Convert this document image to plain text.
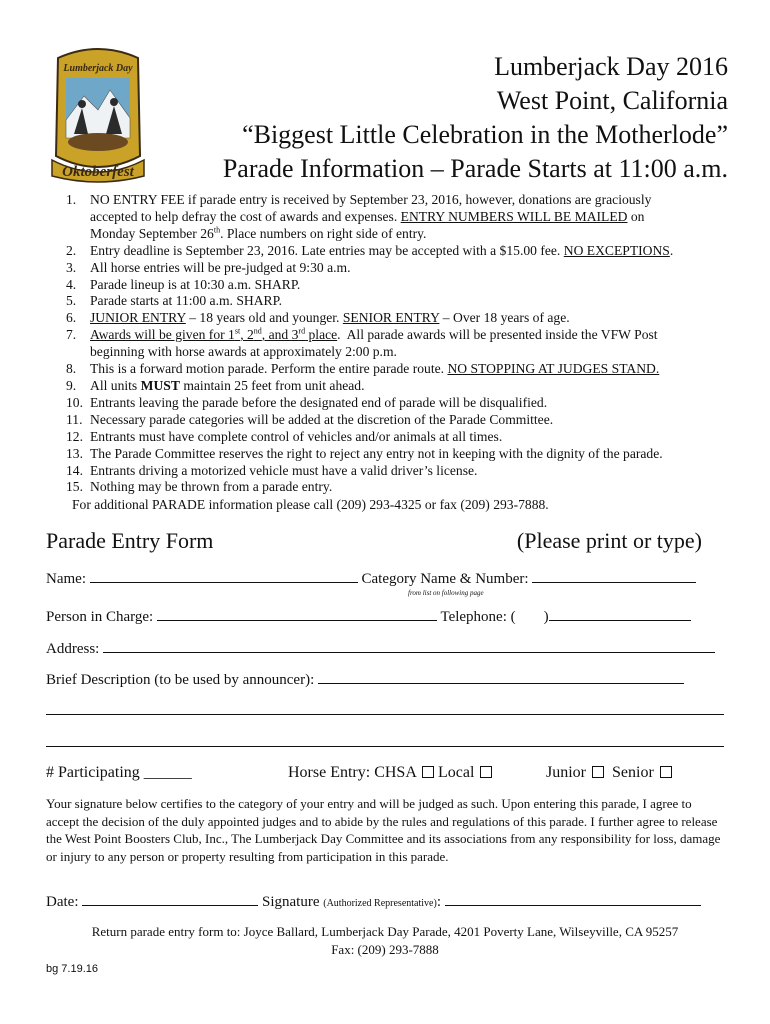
Lumberjack Day
Oktoberfest
Lumberjack Day 2016
West Point, California
“Biggest Little Celebration in the Motherlode”
Parade Information – Parade Starts at 11:00 a.m.
1. NO ENTRY FEE if parade entry is received by September 23, 2016, however, donations are graciously
accepted to help defray the cost of awards and expenses. ENTRY NUMBERS WILL BE MAILED on
Monday September 26th. Place numbers on right side of entry.
2. Entry deadline is September 23, 2016. Late entries may be accepted with a $15.00 fee. NO EXCEPTIONS.
3. All horse entries will be pre-judged at 9:30 a.m.
4. Parade lineup is at 10:30 a.m. SHARP.
5. Parade starts at 11:00 a.m. SHARP.
6. JUNIOR ENTRY – 18 years old and younger. SENIOR ENTRY – Over 18 years of age.
7. Awards will be given for 1st, 2nd, and 3rd place.  All parade awards will be presented inside the VFW Post
beginning with horse awards at approximately 2:00 p.m.
8. This is a forward motion parade. Perform the entire parade route. NO STOPPING AT JUDGES STAND.
9. All units MUST maintain 25 feet from unit ahead.
10. Entrants leaving the parade before the designated end of parade will be disqualified.
11. Necessary parade categories will be added at the discretion of the Parade Committee.
12. Entrants must have complete control of vehicles and/or animals at all times.
13. The Parade Committee reserves the right to reject any entry not in keeping with the dignity of the parade.
14. Entrants driving a motorized vehicle must have a valid driver’s license.
15. Nothing may be thrown from a parade entry.
For additional PARADE information please call (209) 293-4325 or fax (209) 293-7888.
Parade Entry Form	(Please print or type)
Name:	Category Name & Number:
from list on following page
Person in Charge:	Telephone: ( )
Address:
Brief Description (to be used by announcer):
# Participating ______	Horse Entry: CHSA Local	Junior Senior
Your signature below certifies to the category of your entry and will be judged as such. Upon entering this parade, I agree to accept the decision of the duly appointed judges and to abide by the rules and regulations of this parade. I further agree to release the West Point Boosters Club, Inc., The Lumberjack Day Committee and its associations from any responsibility for loss, damage or injury to any person or property resulting from participation in this parade.
Date:	Signature (Authorized Representative):
Return parade entry form to: Joyce Ballard, Lumberjack Day Parade, 4201 Poverty Lane, Wilseyville, CA 95257
Fax: (209) 293-7888
bg 7.19.16
